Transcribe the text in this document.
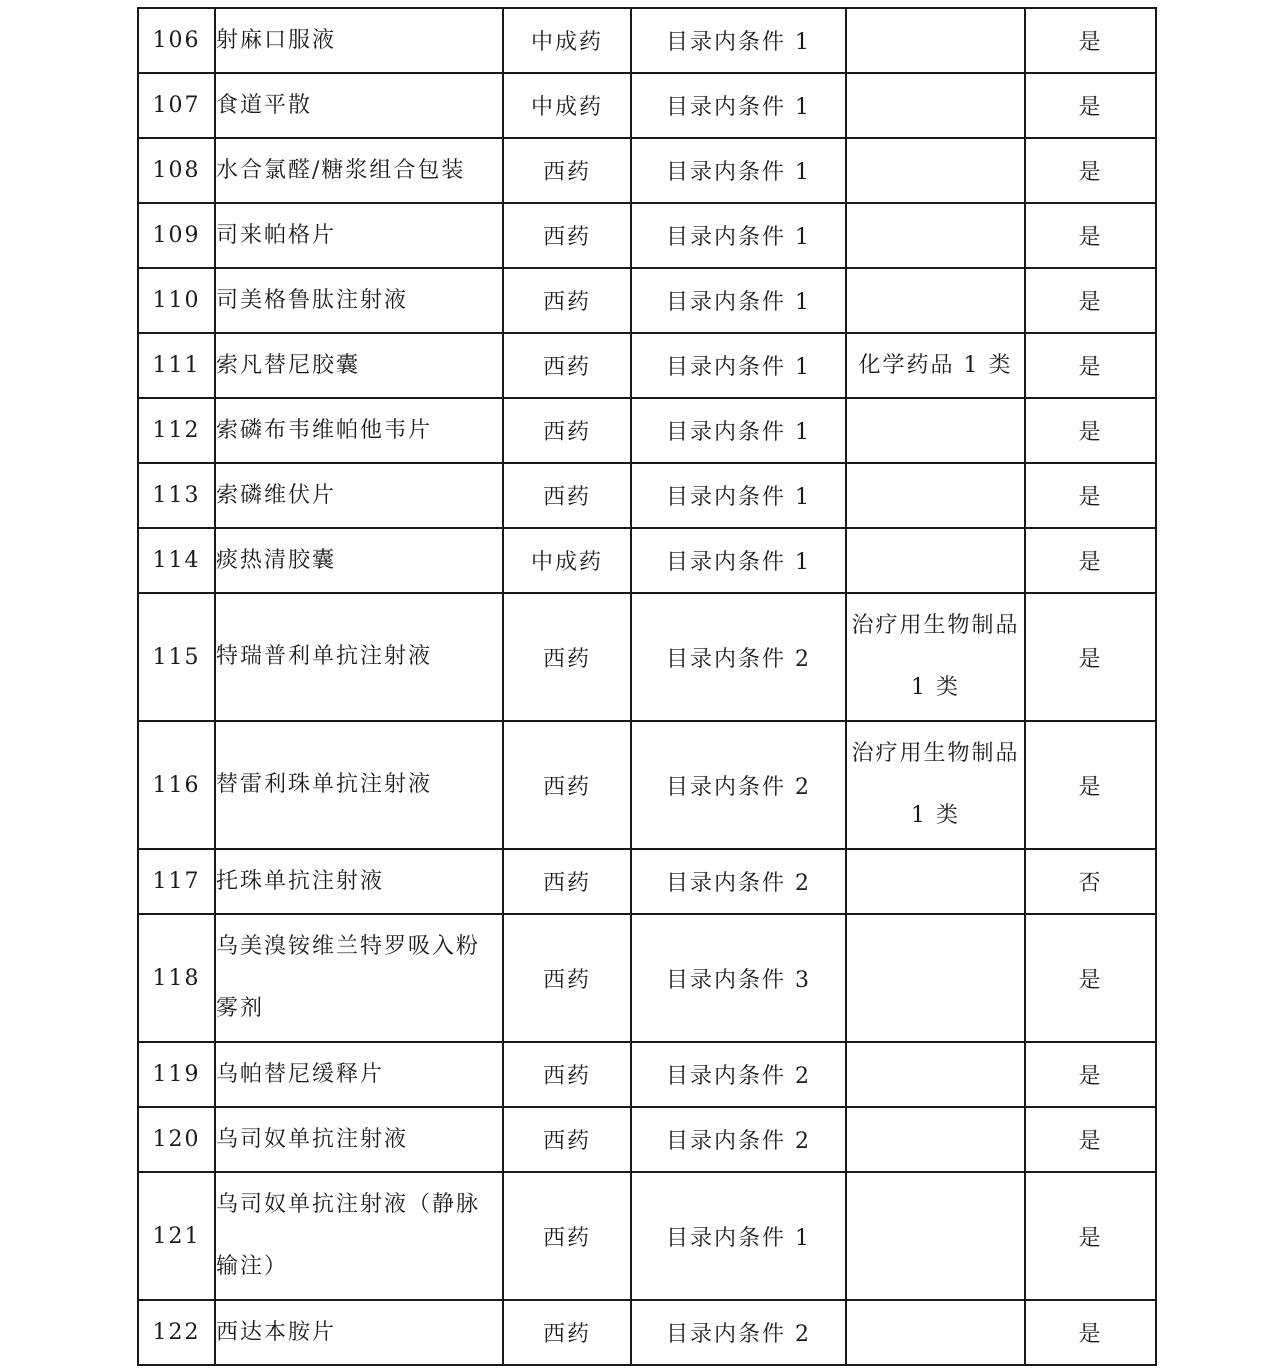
106	射麻口服液	中成药	目录内条件 1		是
107	食道平散	中成药	目录内条件 1		是
108	水合氯醛/糖浆组合包装	西药	目录内条件 1		是
109	司来帕格片	西药	目录内条件 1		是
110	司美格鲁肽注射液	西药	目录内条件 1		是
111	索凡替尼胶囊	西药	目录内条件 1	化学药品 1 类	是
112	索磷布韦维帕他韦片	西药	目录内条件 1		是
113	索磷维伏片	西药	目录内条件 1		是
114	痰热清胶囊	中成药	目录内条件 1		是
115	特瑞普利单抗注射液	西药	目录内条件 2	治疗用生物制品 1 类	是
116	替雷利珠单抗注射液	西药	目录内条件 2	治疗用生物制品 1 类	是
117	托珠单抗注射液	西药	目录内条件 2		否
118	乌美溴铵维兰特罗吸入粉雾剂	西药	目录内条件 3		是
119	乌帕替尼缓释片	西药	目录内条件 2		是
120	乌司奴单抗注射液	西药	目录内条件 2		是
121	乌司奴单抗注射液（静脉输注）	西药	目录内条件 1		是
122	西达本胺片	西药	目录内条件 2		是
